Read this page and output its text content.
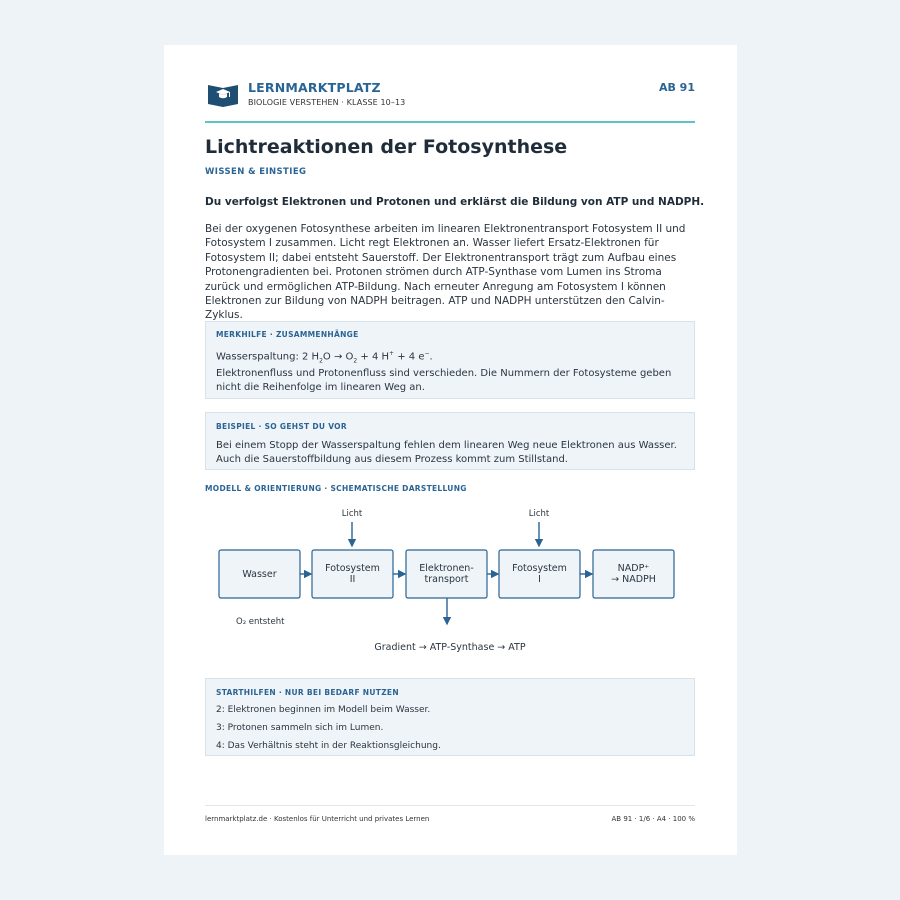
LERNMARKTPLATZ
BIOLOGIE VERSTEHEN · KLASSE 10–13
AB 91
Lichtreaktionen der Fotosynthese
WISSEN & EINSTIEG
Du verfolgst Elektronen und Protonen und erklärst die Bildung von ATP und NADPH.
Bei der oxygenen Fotosynthese arbeiten im linearen Elektronentransport Fotosystem II und Fotosystem I zusammen. Licht regt Elektronen an. Wasser liefert Ersatz-Elektronen für Fotosystem II; dabei entsteht Sauerstoff. Der Elektronentransport trägt zum Aufbau eines Protonengradienten bei. Protonen strömen durch ATP-Synthase vom Lumen ins Stroma zurück und ermöglichen ATP-Bildung. Nach erneuter Anregung am Fotosystem I können Elektronen zur Bildung von NADPH beitragen. ATP und NADPH unterstützen den Calvin-Zyklus.
MERKHILFE · ZUSAMMENHÄNGE
Wasserspaltung: 2 $H_2O \to O_2 + 4$ H+ + 4 e−.
Elektronenfluss und Protonenfluss sind verschieden. Die Nummern der Fotosysteme geben nicht die Reihenfolge im linearen Weg an.
BEISPIEL · SO GEHST DU VOR
Bei einem Stopp der Wasserspaltung fehlen dem linearen Weg neue Elektronen aus Wasser. Auch die Sauerstoffbildung aus diesem Prozess kommt zum Stillstand.
MODELL & ORIENTIERUNG · SCHEMATISCHE DARSTELLUNG
Licht	Licht
Wasser
Fotosystem
II
Elektronen-
transport
Fotosystem
I
NADP⁺
→ NADPH
O₂ entsteht
Gradient → ATP-Synthase → ATP
STARTHILFEN · NUR BEI BEDARF NUTZEN
2: Elektronen beginnen im Modell beim Wasser.
3: Protonen sammeln sich im Lumen.
4: Das Verhältnis steht in der Reaktionsgleichung.
lernmarktplatz.de · Kostenlos für Unterricht und privates Lernen	AB 91 · 1/6 · A4 · 100 %
